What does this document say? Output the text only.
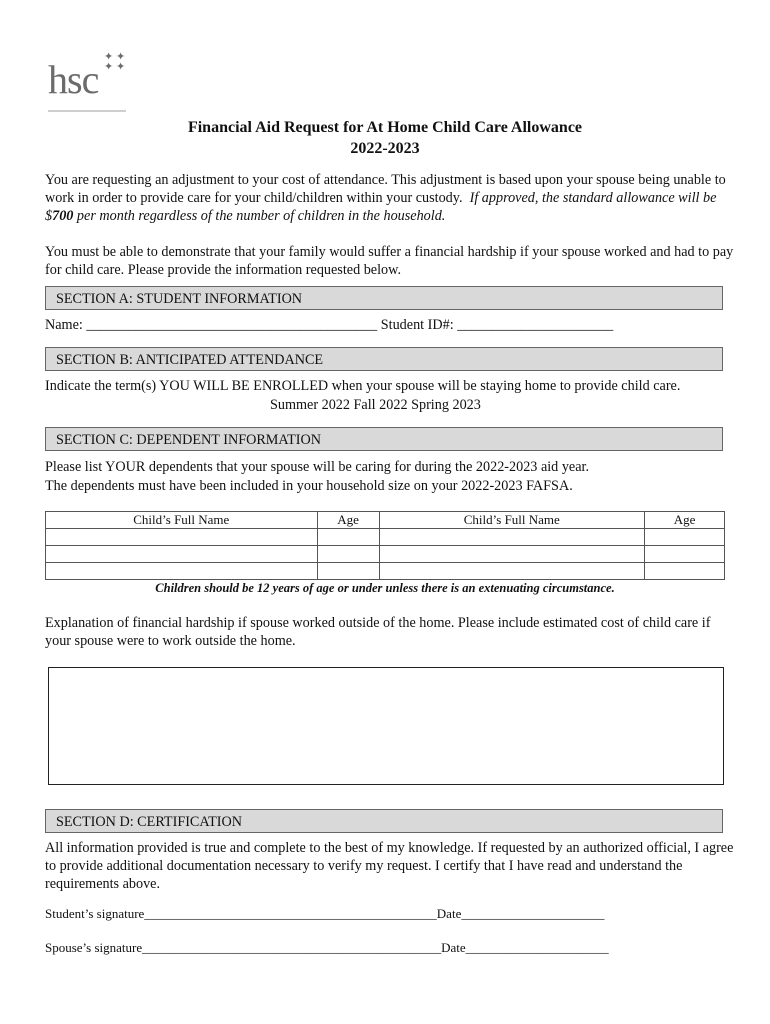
hsc ✦ ✦
✦ ✦
Financial Aid Request for At Home Child Care Allowance
2022-2023
You are requesting an adjustment to your cost of attendance. This adjustment is based upon your spouse being unable to work in order to provide care for your child/children within your custody. If approved, the standard allowance will be $700 per month regardless of the number of children in the household.
You must be able to demonstrate that your family would suffer a financial hardship if your spouse worked and had to pay for child care. Please provide the information requested below.
SECTION A: STUDENT INFORMATION
Name: _________________________________________ Student ID#: ______________________
SECTION B: ANTICIPATED ATTENDANCE
Indicate the term(s) YOU WILL BE ENROLLED when your spouse will be staying home to provide child care.
Summer 2022 Fall 2022 Spring 2023
SECTION C: DEPENDENT INFORMATION
Please list YOUR dependents that your spouse will be caring for during the 2022-2023 aid year.
The dependents must have been included in your household size on your 2022-2023 FAFSA.
Child’s Full Name	Age	Child’s Full Name	Age

Children should be 12 years of age or under unless there is an extenuating circumstance.
Explanation of financial hardship if spouse worked outside of the home. Please include estimated cost of child care if your spouse were to work outside the home.
SECTION D: CERTIFICATION
All information provided is true and complete to the best of my knowledge. If requested by an authorized official, I agree to provide additional documentation necessary to verify my request. I certify that I have read and understand the requirements above.
Student’s signature_____________________________________________Date______________________
Spouse’s signature______________________________________________Date______________________
